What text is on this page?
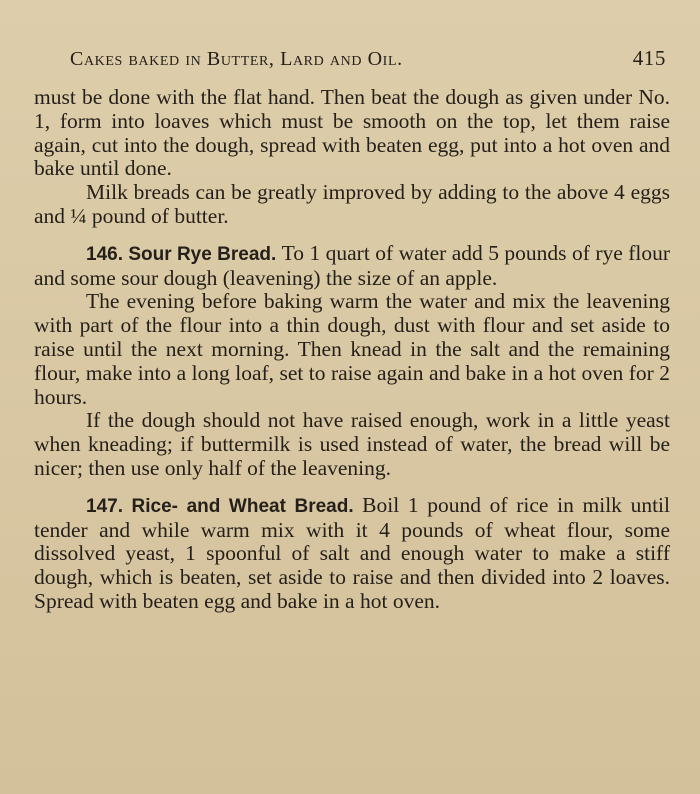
Cakes baked in Butter, Lard and Oil.	415

must be done with the flat hand. Then beat the dough as given under No. 1, form into loaves which must be smooth on the top, let them raise again, cut into the dough, spread with beaten egg, put into a hot oven and bake until done.

Milk breads can be greatly improved by adding to the above 4 eggs and ¼ pound of butter.

146. Sour Rye Bread. To 1 quart of water add 5 pounds of rye flour and some sour dough (leavening) the size of an apple.

The evening before baking warm the water and mix the leavening with part of the flour into a thin dough, dust with flour and set aside to raise until the next morning. Then knead in the salt and the remaining flour, make into a long loaf, set to raise again and bake in a hot oven for 2 hours.

If the dough should not have raised enough, work in a little yeast when kneading; if buttermilk is used instead of water, the bread will be nicer; then use only half of the leavening.

147. Rice- and Wheat Bread. Boil 1 pound of rice in milk until tender and while warm mix with it 4 pounds of wheat flour, some dissolved yeast, 1 spoonful of salt and enough water to make a stiff dough, which is beaten, set aside to raise and then divided into 2 loaves. Spread with beaten egg and bake in a hot oven.
